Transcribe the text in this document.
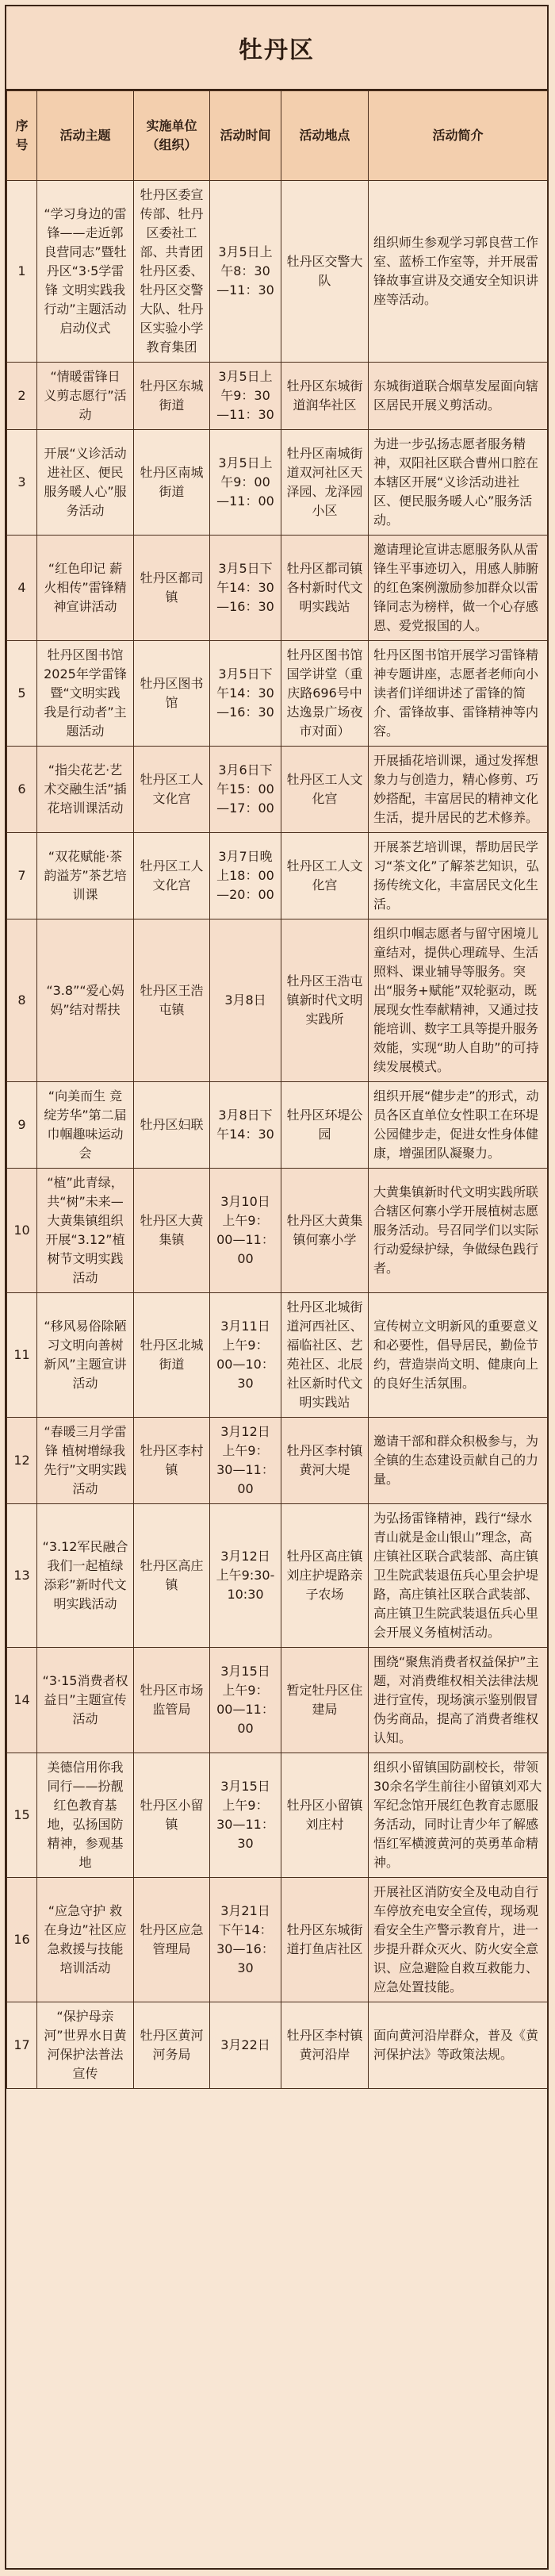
牡丹区
序号	活动主题	实施单位（组织）	活动时间	活动地点	活动简介
1	“学习身边的雷锋——走近郭良营同志”暨牡丹区“3·5学雷锋 文明实践我行动”主题活动启动仪式	牡丹区委宣传部、牡丹区委社工部、共青团牡丹区委、牡丹区交警大队、牡丹区实验小学教育集团	3月5日上午8：30—11：30	牡丹区交警大队	组织师生参观学习郭良营工作室、蓝桥工作室等，并开展雷锋故事宣讲及交通安全知识讲座等活动。
2	“情暖雷锋日 义剪志愿行”活动	牡丹区东城街道	3月5日上午9：30—11：30	牡丹区东城街道润华社区	东城街道联合烟草发屋面向辖区居民开展义剪活动。
3	开展“义诊活动进社区、便民服务暖人心”服务活动	牡丹区南城街道	3月5日上午9：00—11：00	牡丹区南城街道双河社区天泽园、龙泽园小区	为进一步弘扬志愿者服务精神，双阳社区联合曹州口腔在本辖区开展“义诊活动进社区、便民服务暖人心”服务活动。
4	“红色印记 薪火相传”雷锋精神宣讲活动	牡丹区都司镇	3月5日下午14：30—16：30	牡丹区都司镇各村新时代文明实践站	邀请理论宣讲志愿服务队从雷锋生平事迹切入，用感人肺腑的红色案例激励参加群众以雷锋同志为榜样，做一个心存感恩、爱党报国的人。
5	牡丹区图书馆2025年学雷锋暨“文明实践 我是行动者”主题活动	牡丹区图书馆	3月5日下午14：30—16：30	牡丹区图书馆国学讲堂（重庆路696号中达逸景广场夜市对面）	牡丹区图书馆开展学习雷锋精神专题讲座，志愿者老师向小读者们详细讲述了雷锋的简介、雷锋故事、雷锋精神等内容。
6	“指尖花艺·艺术交融生活”插花培训课活动	牡丹区工人文化宫	3月6日下午15：00—17：00	牡丹区工人文化宫	开展插花培训课，通过发挥想象力与创造力，精心修剪、巧妙搭配，丰富居民的精神文化生活，提升居民的艺术修养。
7	“双花赋能·茶韵溢芳”茶艺培训课	牡丹区工人文化宫	3月7日晚上18：00—20：00	牡丹区工人文化宫	开展茶艺培训课，帮助居民学习“茶文化”了解茶艺知识，弘扬传统文化，丰富居民文化生活。
8	“3.8”“爱心妈妈”结对帮扶	牡丹区王浩屯镇	3月8日	牡丹区王浩屯镇新时代文明实践所	组织巾帼志愿者与留守困境儿童结对，提供心理疏导、生活照料、课业辅导等服务。突出“服务+赋能”双轮驱动，既展现女性奉献精神，又通过技能培训、数字工具等提升服务效能，实现“助人自助”的可持续发展模式。
9	“向美而生 竞绽芳华”第二届巾帼趣味运动会	牡丹区妇联	3月8日下午14：30	牡丹区环堤公园	组织开展“健步走”的形式，动员各区直单位女性职工在环堤公园健步走，促进女性身体健康，增强团队凝聚力。
10	“植”此青绿，共“树”未来—大黄集镇组织开展“3.12”植树节文明实践活动	牡丹区大黄集镇	3月10日上午9：00—11：00	牡丹区大黄集镇何寨小学	大黄集镇新时代文明实践所联合辖区何寨小学开展植树志愿服务活动。号召同学们以实际行动爱绿护绿，争做绿色践行者。
11	“移风易俗除陋习文明向善树新风”主题宣讲活动	牡丹区北城街道	3月11日上午9：00—10：30	牡丹区北城街道河西社区、福临社区、艺苑社区、北辰社区新时代文明实践站	宣传树立文明新风的重要意义和必要性，倡导居民，勤俭节约，营造崇尚文明、健康向上的良好生活氛围。
12	“春暖三月学雷锋 植树增绿我先行”文明实践活动	牡丹区李村镇	3月12日上午9：30—11：00	牡丹区李村镇黄河大堤	邀请干部和群众积极参与，为全镇的生态建设贡献自己的力量。
13	“3.12军民融合我们一起植绿添彩”新时代文明实践活动	牡丹区高庄镇	3月12日上午9:30-10:30	牡丹区高庄镇刘庄护堤路亲子农场	为弘扬雷锋精神，践行“绿水青山就是金山银山”理念，高庄镇社区联合武装部、高庄镇卫生院武装退伍兵心里会护堤路，高庄镇社区联合武装部、高庄镇卫生院武装退伍兵心里会开展义务植树活动。
14	“3·15消费者权益日”主题宣传活动	牡丹区市场监管局	3月15日上午9：00—11：00	暂定牡丹区住建局	围绕“聚焦消费者权益保护”主题，对消费维权相关法律法规进行宣传，现场演示鉴别假冒伪劣商品，提高了消费者维权认知。
15	美德信用你我同行——扮靓红色教育基地，弘扬国防精神，参观基地	牡丹区小留镇	3月15日上午9：30—11：30	牡丹区小留镇刘庄村	组织小留镇国防副校长，带领30余名学生前往小留镇刘邓大军纪念馆开展红色教育志愿服务活动，同时让青少年了解感悟红军横渡黄河的英勇革命精神。
16	“应急守护 救在身边”社区应急救援与技能培训活动	牡丹区应急管理局	3月21日下午14：30—16：30	牡丹区东城街道打鱼店社区	开展社区消防安全及电动自行车停放充电安全宣传，现场观看安全生产警示教育片，进一步提升群众灭火、防火安全意识、应急避险自救互救能力、应急处置技能。
17	“保护母亲河”世界水日黄河保护法普法宣传	牡丹区黄河河务局	3月22日	牡丹区李村镇黄河沿岸	面向黄河沿岸群众，普及《黄河保护法》等政策法规。
